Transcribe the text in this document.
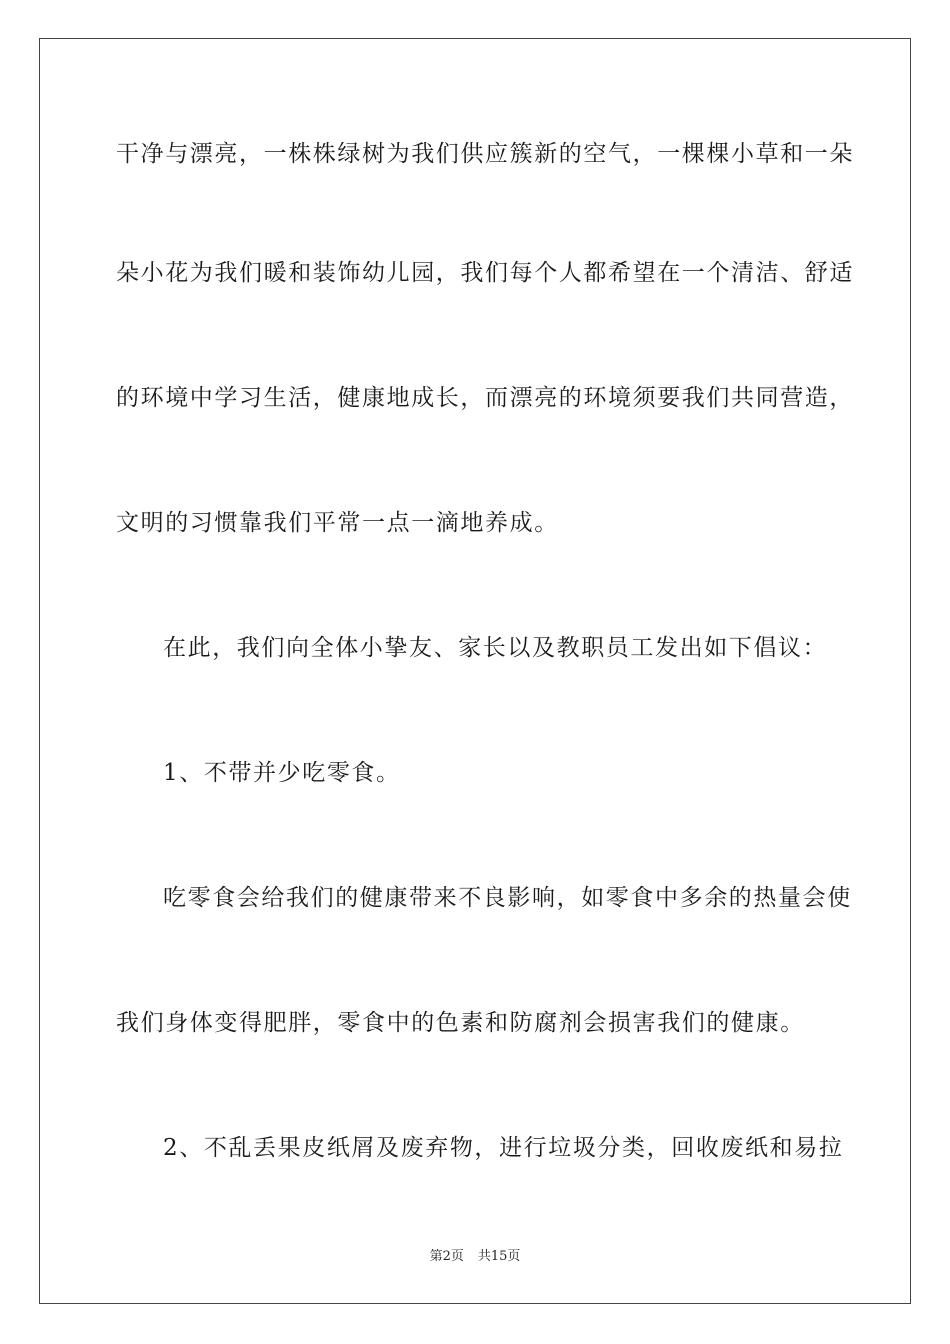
干净与漂亮，一株株绿树为我们供应簇新的空气，一棵棵小草和一朵
朵小花为我们暖和装饰幼儿园，我们每个人都希望在一个清洁、舒适
的环境中学习生活，健康地成长，而漂亮的环境须要我们共同营造，
文明的习惯靠我们平常一点一滴地养成。
在此，我们向全体小挚友、家长以及教职员工发出如下倡议：
1、不带并少吃零食。
吃零食会给我们的健康带来不良影响，如零食中多余的热量会使
我们身体变得肥胖，零食中的色素和防腐剂会损害我们的健康。
2、不乱丢果皮纸屑及废弃物，进行垃圾分类，回收废纸和易拉
第2页 共15页
